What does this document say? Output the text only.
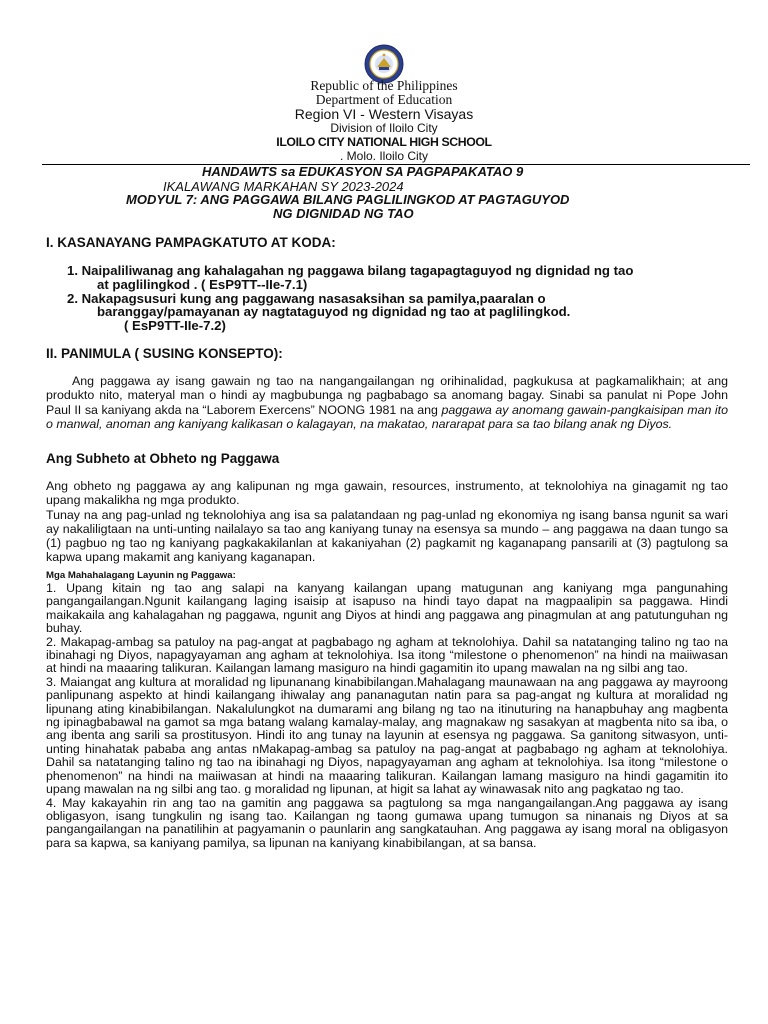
Republic of the Philippines
Department of Education
Region VI - Western Visayas
Division of Iloilo City
ILOILO CITY NATIONAL HIGH SCHOOL
. Molo. Iloilo City
HANDAWTS sa EDUKASYON SA PAGPAPAKATAO 9
IKALAWANG MARKAHAN SY 2023-2024
MODYUL 7: ANG PAGGAWA BILANG PAGLILINGKOD AT PAGTAGUYOD
NG DIGNIDAD NG TAO
I. KASANAYANG PAMPAGKATUTO AT KODA:
1. Naipaliliwanag ang kahalagahan ng paggawa bilang tagapagtaguyod ng dignidad ng tao
at paglilingkod . ( EsP9TT--IIe-7.1)
2. Nakapagsusuri kung ang paggawang nasasaksihan sa pamilya,paaralan o
baranggay/pamayanan ay nagtataguyod ng dignidad ng tao at paglilingkod.
( EsP9TT-IIe-7.2)
II. PANIMULA ( SUSING KONSEPTO):
Ang paggawa ay isang gawain ng tao na nangangailangan ng orihinalidad, pagkukusa at pagkamalikhain; at ang produkto nito, materyal man o hindi ay magbubunga ng pagbabago sa anomang bagay. Sinabi sa panulat ni Pope John Paul II sa kaniyang akda na “Laborem Exercens” NOONG 1981 na ang paggawa ay anomang gawain-pangkaisipan man ito o manwal, anoman ang kaniyang kalikasan o kalagayan, na makatao, nararapat para sa tao bilang anak ng Diyos.
Ang Subheto at Obheto ng Paggawa

Ang obheto ng paggawa ay ang kalipunan ng mga gawain, resources, instrumento, at teknolohiya na ginagamit ng tao upang makalikha ng mga produkto.

Tunay na ang pag-unlad ng teknolohiya ang isa sa palatandaan ng pag-unlad ng ekonomiya ng isang bansa ngunit sa wari ay nakaliligtaan na unti-unting nailalayo sa tao ang kaniyang tunay na esensya sa mundo – ang paggawa na daan tungo sa (1) pagbuo ng tao ng kaniyang pagkakakilanlan at kakaniyahan (2) pagkamit ng kaganapang pansarili at (3) pagtulong sa kapwa upang makamit ang kaniyang kaganapan.

Mga Mahahalagang Layunin ng Paggawa:

1. Upang kitain ng tao ang salapi na kanyang kailangan upang matugunan ang kaniyang mga pangunahing pangangailangan.Ngunit kailangang laging isaisip at isapuso na hindi tayo dapat na magpaalipin sa paggawa. Hindi maikakaila ang kahalagahan ng paggawa, ngunit ang Diyos at hindi ang paggawa ang pinagmulan at ang patutunguhan ng buhay.

2. Makapag-ambag sa patuloy na pag-angat at pagbabago ng agham at teknolohiya. Dahil sa natatanging talino ng tao na ibinahagi ng Diyos, napagyayaman ang agham at teknolohiya. Isa itong “milestone o phenomenon” na hindi na maiiwasan at hindi na maaaring talikuran. Kailangan lamang masiguro na hindi gagamitin ito upang mawalan na ng silbi ang tao.

3. Maiangat ang kultura at moralidad ng lipunanang kinabibilangan.Mahalagang maunawaan na ang paggawa ay mayroong panlipunang aspekto at hindi kailangang ihiwalay ang pananagutan natin para sa pag-angat ng kultura at moralidad ng lipunang ating kinabibilangan. Nakalulungkot na dumarami ang bilang ng tao na itinuturing na hanapbuhay ang magbenta ng ipinagbabawal na gamot sa mga batang walang kamalay-malay, ang magnakaw ng sasakyan at magbenta nito sa iba, o ang ibenta ang sarili sa prostitusyon. Hindi ito ang tunay na layunin at esensya ng paggawa. Sa ganitong sitwasyon, unti-unting hinahatak pababa ang antas nMakapag-ambag sa patuloy na pag-angat at pagbabago ng agham at teknolohiya. Dahil sa natatanging talino ng tao na ibinahagi ng Diyos, napagyayaman ang agham at teknolohiya. Isa itong “milestone o phenomenon” na hindi na maiiwasan at hindi na maaaring talikuran. Kailangan lamang masiguro na hindi gagamitin ito upang mawalan na ng silbi ang tao. g moralidad ng lipunan, at higit sa lahat ay winawasak nito ang pagkatao ng tao.

4. May kakayahin rin ang tao na gamitin ang paggawa sa pagtulong sa mga nangangailangan.Ang paggawa ay isang obligasyon, isang tungkulin ng isang tao. Kailangan ng taong gumawa upang tumugon sa ninanais ng Diyos at sa pangangailangan na panatilihin at pagyamanin o paunlarin ang sangkatauhan. Ang paggawa ay isang moral na obligasyon para sa kapwa, sa kaniyang pamilya, sa lipunan na kaniyang kinabibilangan, at sa bansa.
